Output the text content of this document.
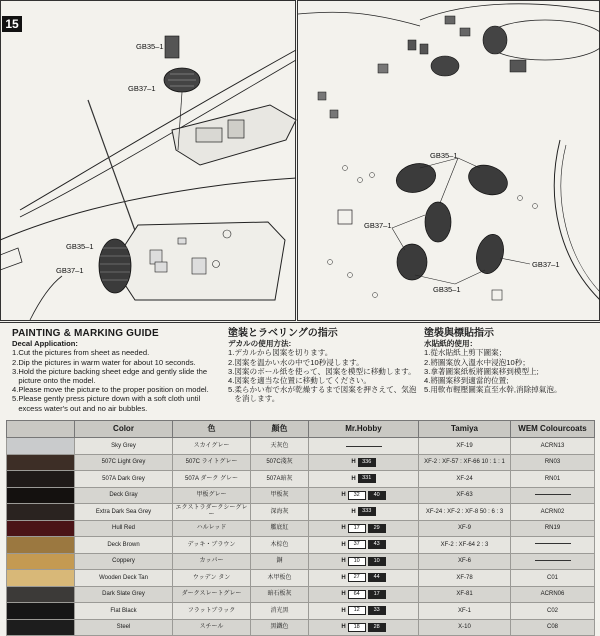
15
GB35–1
GB37–1
GB35–1
GB37–1
GB35–1
GB37–1
GB37–1
GB35–1
PAINTING & MARKING GUIDE
Decal Application:
1.Cut the pictures from sheet as needed.
2.Dip the pictures in warm water for about 10 seconds.
3.Hold the picture backing sheet edge and gently slide the
picture onto the model.
4.Please move the picture to the proper position on model.
5.Please gently press picture down with a soft cloth until
excess water's out and no air bubbles.
塗装とラベリングの指示
デカルの使用方法:
1.デカルから図案を切ります。
2.図案を温かい水の中で10秒浸します。
3.図案のボール紙を使って、図案を模型に移動します。
4.図案を適当な位置に移動してください。
5.柔らかい布で水が乾燥するまで図案を押さえて、気泡
を消します。
塗裝與標貼指示
水貼紙的使用：
1.從水貼紙上剪下圖案；
2.將圖案放入溫水中浸泡10秒；
3.拿著圖案紙板將圖案移到模型上;
4.將圖案移到適當的位置;
5.用軟布輕壓圖案直至水幹,消除掉氣泡。
	Color	色	顏色	Mr.Hobby	Tamiya	WEM Colourcoats
	Sky Grey	スカイグレー	天灰色		XF-19	ACRN13
	507C Light Grey	507C ライトグレー	507C淺灰	H 336	XF-2 : XF-57 : XF-66 10 : 1 : 1	RN03
	507A Dark Grey	507A ダーク グレー	507A暗灰	H 331	XF-24	RN01
	Deck Gray	甲板グレー	甲板灰	H 32 40	XF-63	
	Extra Dark Sea Grey	エクストラダークシーグレー	深海灰	H 333	XF-24 : XF-2 : XF-8 50 : 6 : 3	ACRN02
	Hull Red	ハルレッド	艦底紅	H 17 29	XF-9	RN19
	Deck Brown	デッキ・ブラウン	木棕色	H 37 43	XF-2 : XF-64 2 : 3	
	Coppery	カッパー	銅	H 10 10	XF-6	
	Wooden Deck Tan	ウッデン タン	木甲板色	H 27 44	XF-78	C01
	Dark Slate Grey	ダークスレートグレー	暗石板灰	H 64 17	XF-81	ACRN06
	Flat Black	フラットブラック	消光黑	H 12 33	XF-1	C02
	Steel	スチール	黑鐵色	H 18 28	X-10	C08
